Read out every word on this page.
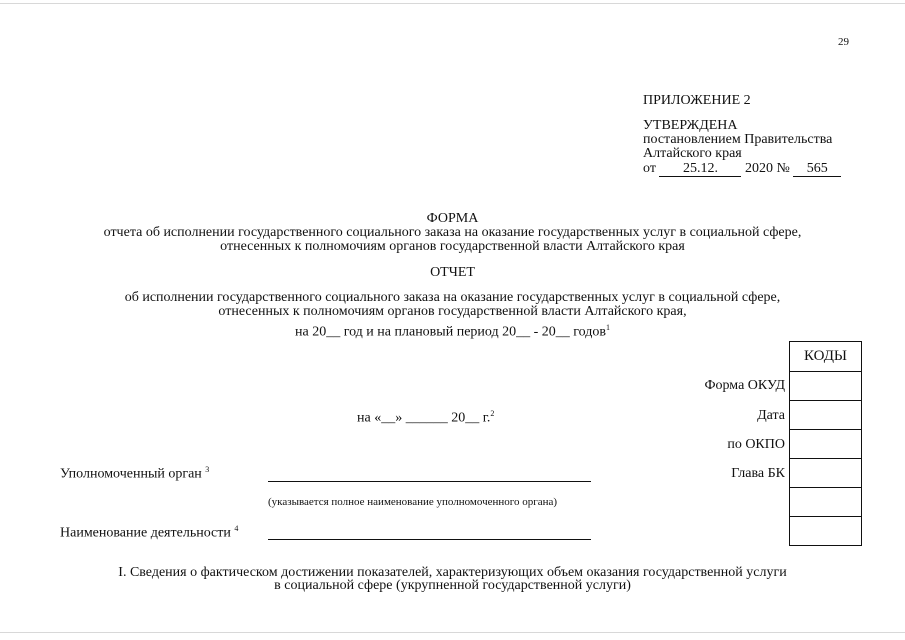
29
ПРИЛОЖЕНИЕ 2
УТВЕРЖДЕНА
постановлением Правительства
Алтайского края
от 25.12. 2020 № 565
ФОРМА
отчета об исполнении государственного социального заказа на оказание государственных услуг в социальной сфере,
отнесенных к полномочиям органов государственной власти Алтайского края
ОТЧЕТ
об исполнении государственного социального заказа на оказание государственных услуг в социальной сфере,
отнесенных к полномочиям органов государственной власти Алтайского края,
на 20__ год и на плановый период 20__ - 20__ годов$^1$
КОДЫ

Форма ОКУД
Дата
по ОКПО
Глава БК
на «__» ______ 20__ г.$^2$
Уполномоченный орган $^3$
(указывается полное наименование уполномоченного органа)
Наименование деятельности $^4$
I. Сведения о фактическом достижении показателей, характеризующих объем оказания государственной услуги
в социальной сфере (укрупненной государственной услуги)
